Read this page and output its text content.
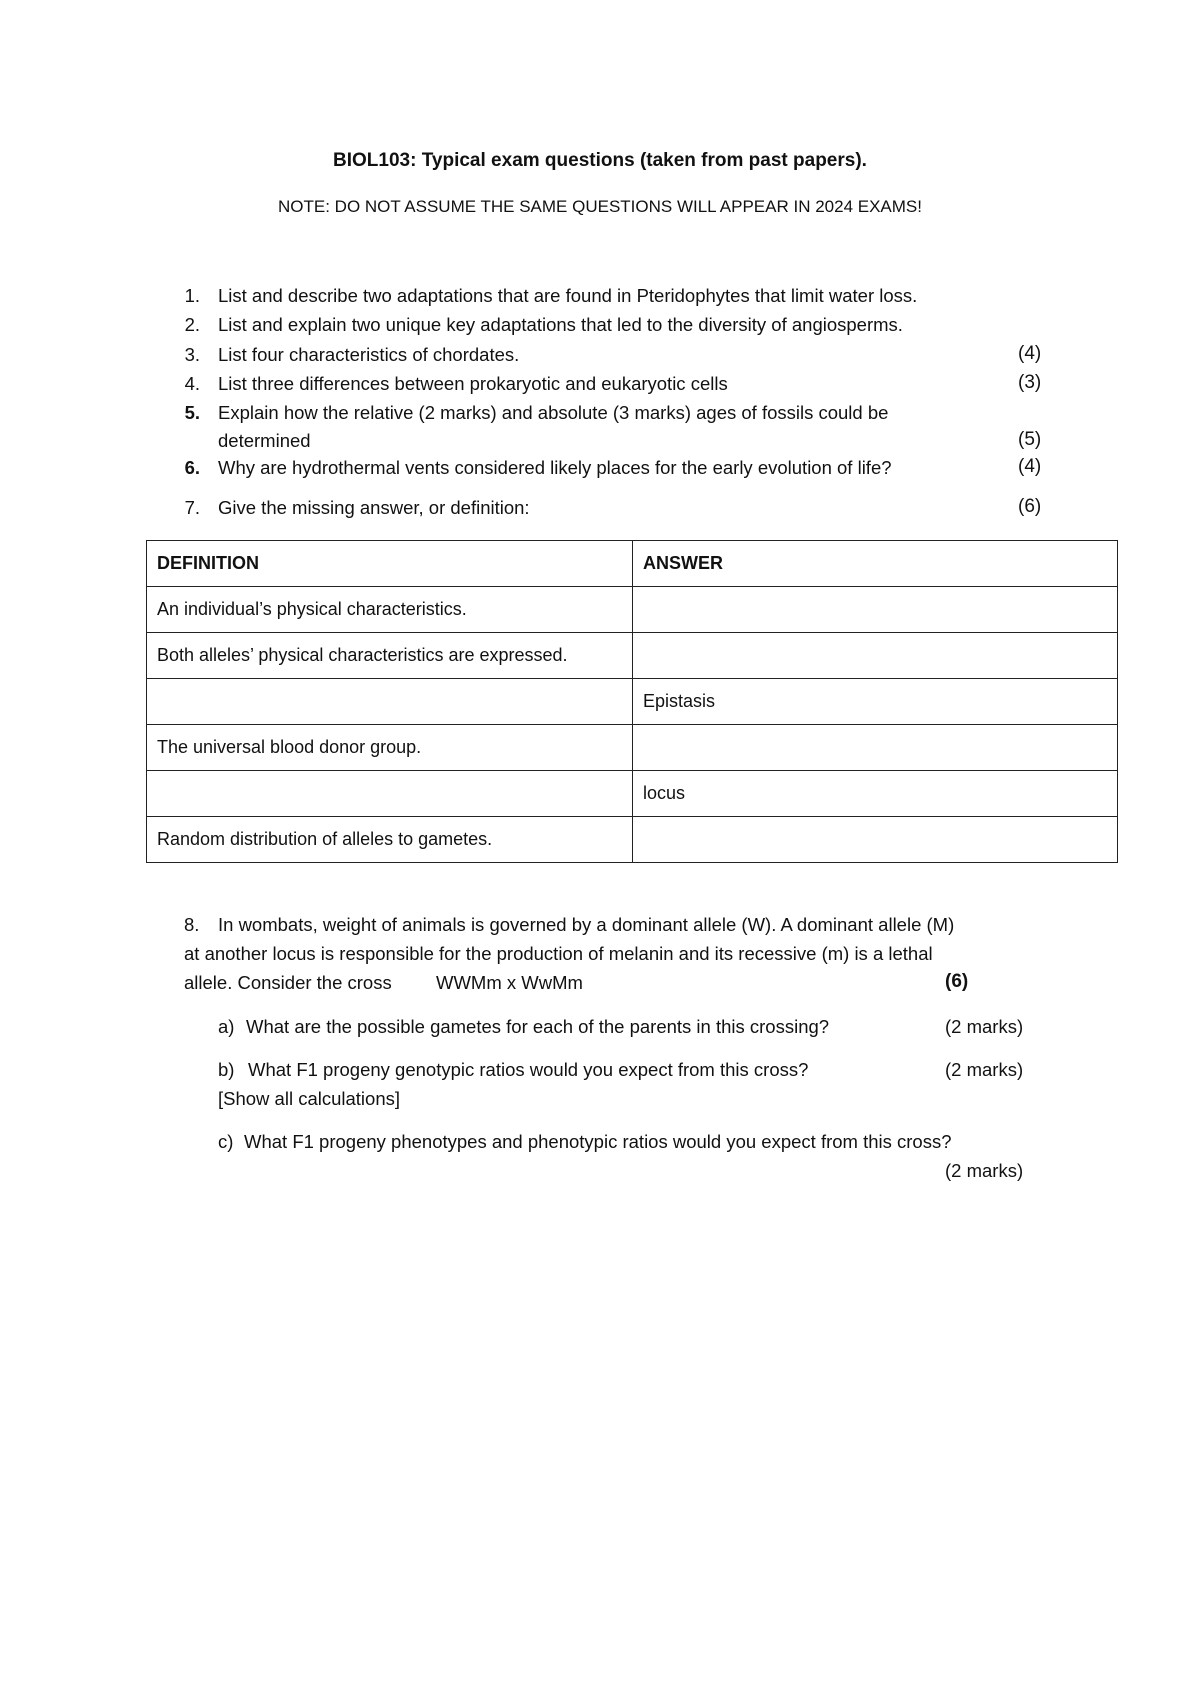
BIOL103: Typical exam questions (taken from past papers).
NOTE: DO NOT ASSUME THE SAME QUESTIONS WILL APPEAR IN 2024 EXAMS!
1. List and describe two adaptations that are found in Pteridophytes that limit water loss.
2. List and explain two unique key adaptations that led to the diversity of angiosperms.
3. List four characteristics of chordates.	(4)
4. List three differences between prokaryotic and eukaryotic cells	(3)
5. Explain how the relative (2 marks) and absolute (3 marks) ages of fossils could be
determined	(5)
6. Why are hydrothermal vents considered likely places for the early evolution of life?	(4)
7. Give the missing answer, or definition:	(6)
DEFINITION	ANSWER
An individual’s physical characteristics.	
Both alleles’ physical characteristics are expressed.	
	Epistasis
The universal blood donor group.	
	locus
Random distribution of alleles to gametes.	
8. In wombats, weight of animals is governed by a dominant allele (W). A dominant allele (M)
at another locus is responsible for the production of melanin and its recessive (m) is a lethal
allele. Consider the cross WWMm x WwMm	(6)
a) What are the possible gametes for each of the parents in this crossing?	(2 marks)
b) What F1 progeny genotypic ratios would you expect from this cross?	(2 marks)
[Show all calculations]
c) What F1 progeny phenotypes and phenotypic ratios would you expect from this cross?
(2 marks)
